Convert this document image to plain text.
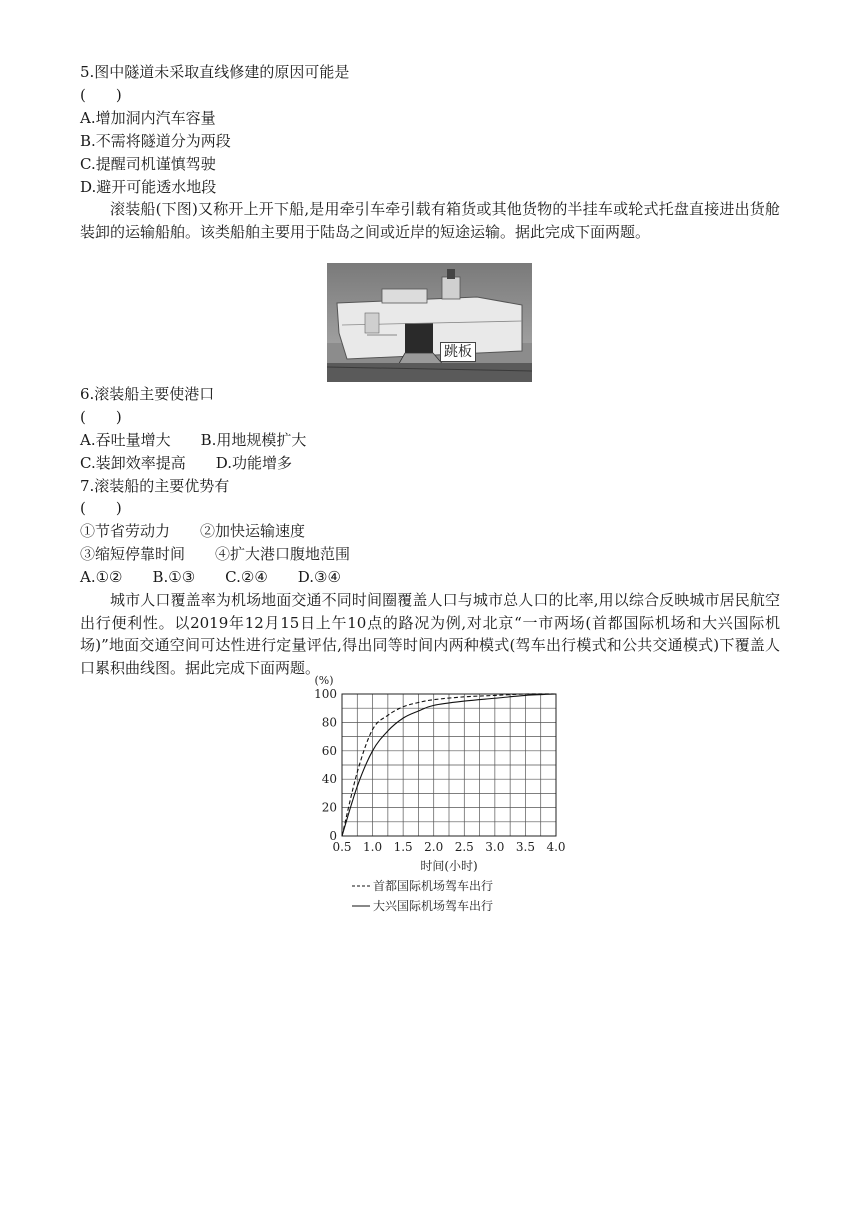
5.图中隧道未采取直线修建的原因可能是
(　　)
A.增加洞内汽车容量
B.不需将隧道分为两段
C.提醒司机谨慎驾驶
D.避开可能透水地段
滚装船(下图)又称开上开下船,是用牵引车牵引载有箱货或其他货物的半挂车或轮式托盘直接进出货舱装卸的运输船舶。该类船舶主要用于陆岛之间或近岸的短途运输。据此完成下面两题。
跳板
6.滚装船主要使港口
(　　)
A.吞吐量增大　　B.用地规模扩大
C.装卸效率提高　　D.功能增多
7.滚装船的主要优势有
(　　)
①节省劳动力　　②加快运输速度
③缩短停靠时间　　④扩大港口腹地范围
A.①②　　B.①③　　C.②④　　D.③④
城市人口覆盖率为机场地面交通不同时间圈覆盖人口与城市总人口的比率,用以综合反映城市居民航空出行便利性。以2019年12月15日上午10点的路况为例,对北京“一市两场(首都国际机场和大兴国际机场)”地面交通空间可达性进行定量评估,得出同等时间内两种模式(驾车出行模式和公共交通模式)下覆盖人口累积曲线图。据此完成下面两题。
0
20
40
60
80
100
0.5 1.0 1.5 2.0 2.5 3.0 3.5 4.0
(%)
时间(小时)
首都国际机场驾车出行
大兴国际机场驾车出行
